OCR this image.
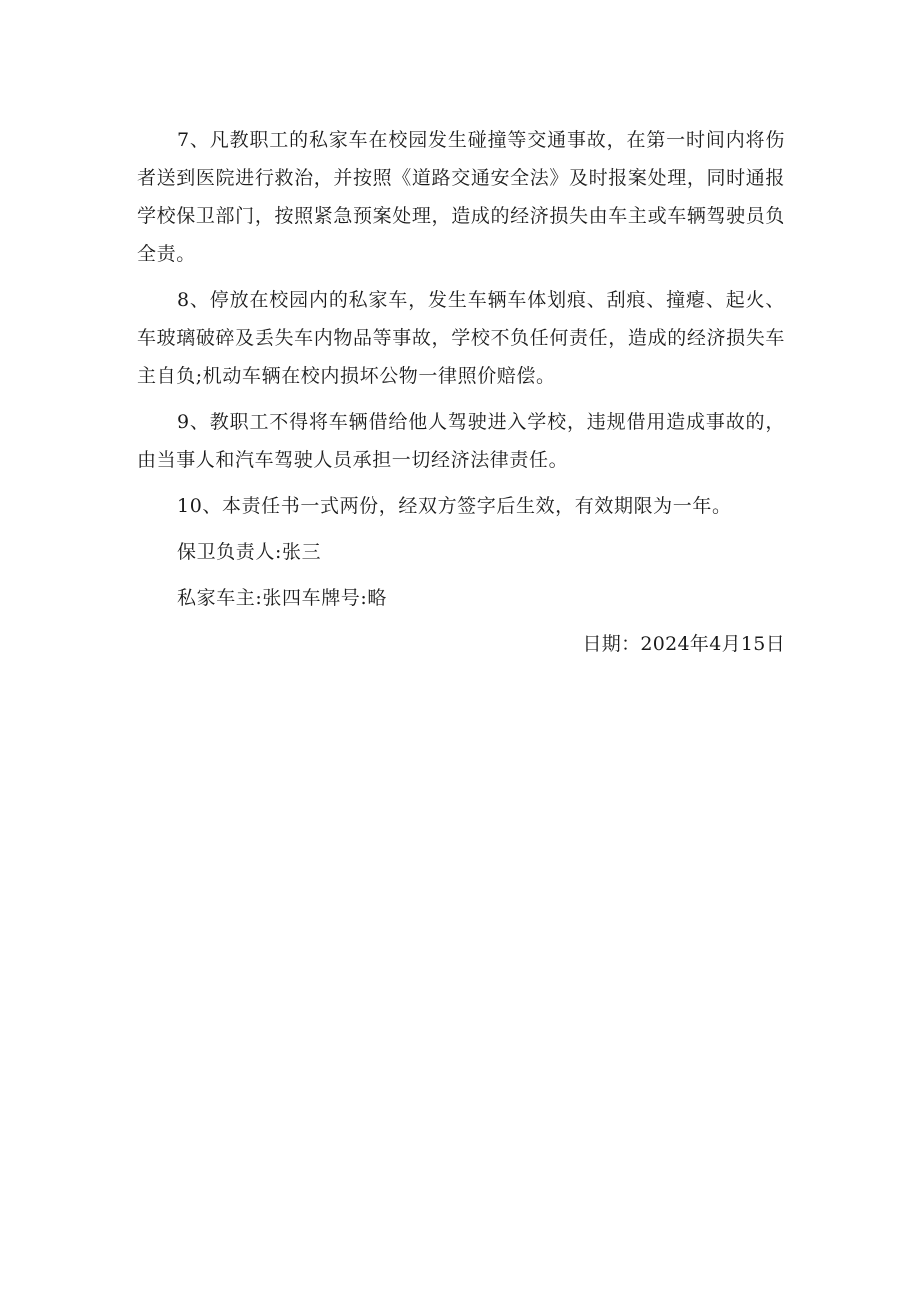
7、凡教职工的私家车在校园发生碰撞等交通事故，在第一时间内将伤者送到医院进行救治，并按照《道路交通安全法》及时报案处理，同时通报学校保卫部门，按照紧急预案处理，造成的经济损失由车主或车辆驾驶员负全责。

8、停放在校园内的私家车，发生车辆车体划痕、刮痕、撞瘪、起火、车玻璃破碎及丢失车内物品等事故，学校不负任何责任，造成的经济损失车主自负;机动车辆在校内损坏公物一律照价赔偿。

9、教职工不得将车辆借给他人驾驶进入学校，违规借用造成事故的，由当事人和汽车驾驶人员承担一切经济法律责任。

10、本责任书一式两份，经双方签字后生效，有效期限为一年。

保卫负责人:张三

私家车主:张四车牌号:略

日期：2024年4月15日
